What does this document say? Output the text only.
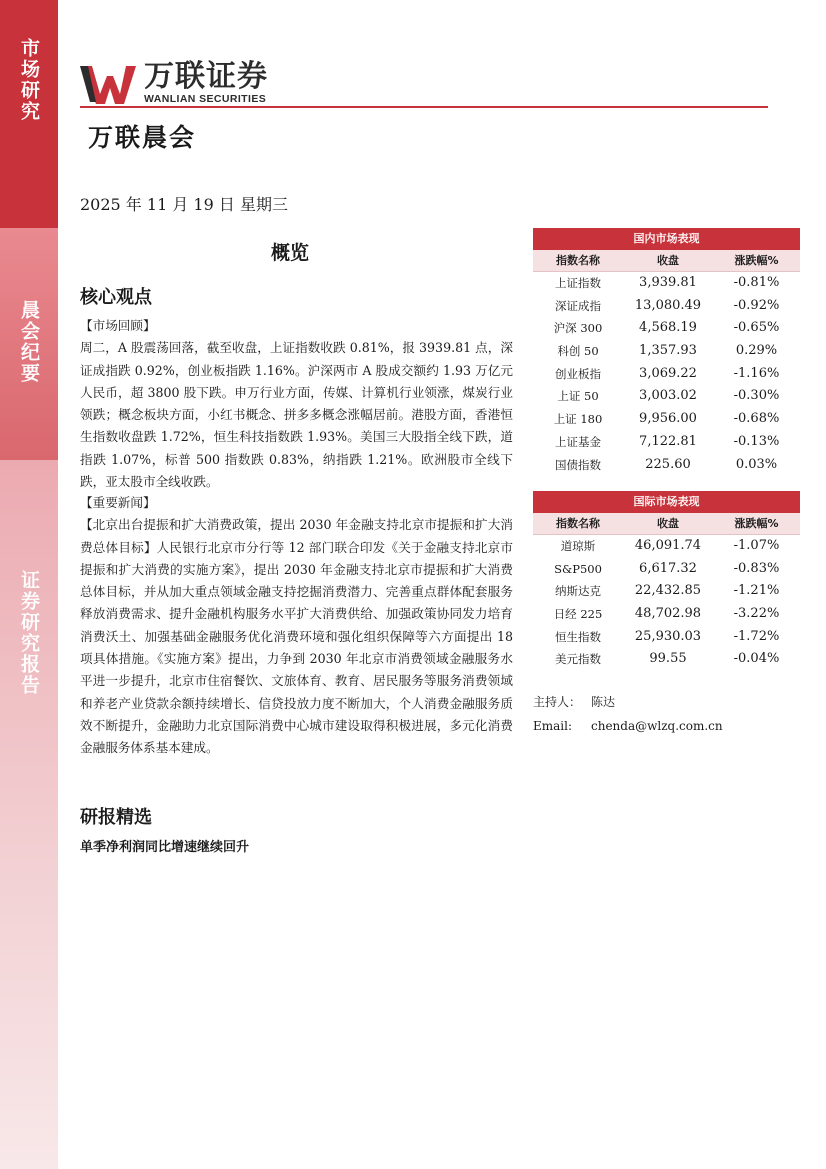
市场研究
晨会纪要
证券研究报告
万联证券
WANLIAN SECURITIES
万联晨会
2025 年 11 月 19 日 星期三
概览
核心观点

【市场回顾】

周二，A 股震荡回落，截至收盘，上证指数收跌 0.81%，报 3939.81 点，深证成指跌 0.92%，创业板指跌 1.16%。沪深两市 A 股成交额约 1.93 万亿元人民币，超 3800 股下跌。申万行业方面，传媒、计算机行业领涨，煤炭行业领跌；概念板块方面，小红书概念、拼多多概念涨幅居前。港股方面，香港恒生指数收盘跌 1.72%，恒生科技指数跌 1.93%。美国三大股指全线下跌，道指跌 1.07%，标普 500 指数跌 0.83%，纳指跌 1.21%。欧洲股市全线下跌，亚太股市全线收跌。

【重要新闻】

【北京出台提振和扩大消费政策，提出 2030 年金融支持北京市提振和扩大消费总体目标】人民银行北京市分行等 12 部门联合印发《关于金融支持北京市提振和扩大消费的实施方案》，提出 2030 年金融支持北京市提振和扩大消费总体目标，并从加大重点领域金融支持挖掘消费潜力、完善重点群体配套服务释放消费需求、提升金融机构服务水平扩大消费供给、加强政策协同发力培育消费沃土、加强基础金融服务优化消费环境和强化组织保障等六方面提出 18 项具体措施。《实施方案》提出，力争到 2030 年北京市消费领域金融服务水平进一步提升，北京市住宿餐饮、文旅体育、教育、居民服务等服务消费领域和养老产业贷款余额持续增长、信贷投放力度不断加大，个人消费金融服务质效不断提升，金融助力北京国际消费中心城市建设取得积极进展，多元化消费金融服务体系基本建成。

研报精选
单季净利润同比增速继续回升
国内市场表现
指数名称	收盘	涨跌幅%
上证指数	3,939.81	-0.81%
深证成指	13,080.49	-0.92%
沪深 300	4,568.19	-0.65%
科创 50	1,357.93	0.29%
创业板指	3,069.22	-1.16%
上证 50	3,003.02	-0.30%
上证 180	9,956.00	-0.68%
上证基金	7,122.81	-0.13%
国债指数	225.60	0.03%
国际市场表现
指数名称	收盘	涨跌幅%
道琼斯	46,091.74	-1.07%
S&P500	6,617.32	-0.83%
纳斯达克	22,432.85	-1.21%
日经 225	48,702.98	-3.22%
恒生指数	25,930.03	-1.72%
美元指数	99.55	-0.04%
主持人： 陈达
Email:	chenda@wlzq.com.cn
